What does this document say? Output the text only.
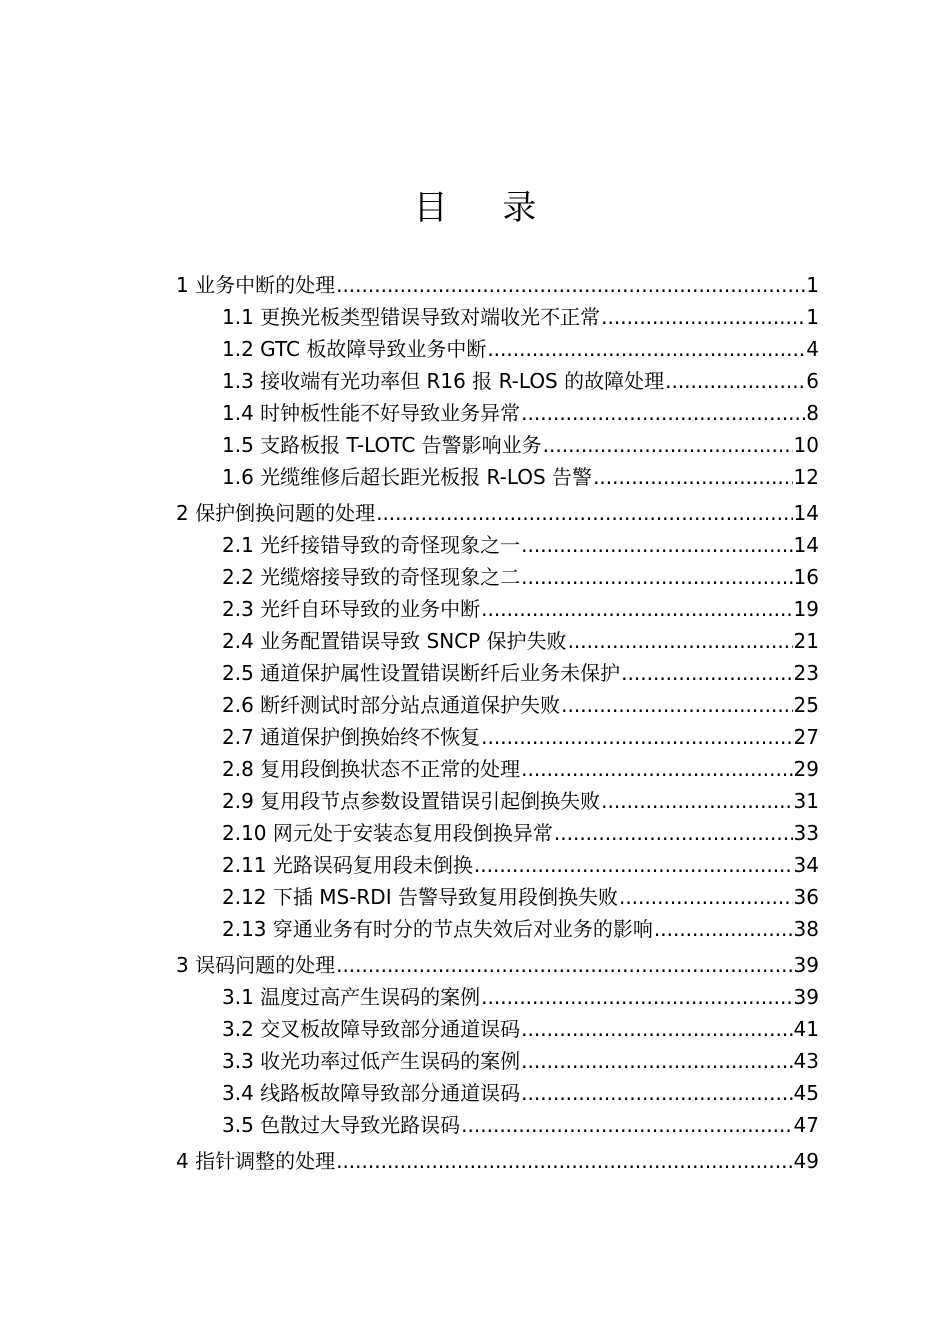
目 录
1 业务中断的处理 .....	1
1.1 更换光板类型错误导致对端收光不正常 .....	1
1.2 GTC 板故障导致业务中断 .....	4
1.3 接收端有光功率但 R16 报 R-LOS 的故障处理 .....	6
1.4 时钟板性能不好导致业务异常 .....	8
1.5 支路板报 T-LOTC 告警影响业务 .....	10
1.6 光缆维修后超长距光板报 R-LOS 告警 .....	12
2 保护倒换问题的处理 .....	14
2.1 光纤接错导致的奇怪现象之一 .....	14
2.2 光缆熔接导致的奇怪现象之二 .....	16
2.3 光纤自环导致的业务中断 .....	19
2.4 业务配置错误导致 SNCP 保护失败 .....	21
2.5 通道保护属性设置错误断纤后业务未保护 .....	23
2.6 断纤测试时部分站点通道保护失败 .....	25
2.7 通道保护倒换始终不恢复 .....	27
2.8 复用段倒换状态不正常的处理 .....	29
2.9 复用段节点参数设置错误引起倒换失败 .....	31
2.10 网元处于安装态复用段倒换异常 .....	33
2.11 光路误码复用段未倒换 .....	34
2.12 下插 MS-RDI 告警导致复用段倒换失败 .....	36
2.13 穿通业务有时分的节点失效后对业务的影响 .....	38
3 误码问题的处理 .....	39
3.1 温度过高产生误码的案例 .....	39
3.2 交叉板故障导致部分通道误码 .....	41
3.3 收光功率过低产生误码的案例 .....	43
3.4 线路板故障导致部分通道误码 .....	45
3.5 色散过大导致光路误码 .....	47
4 指针调整的处理 .....	49
